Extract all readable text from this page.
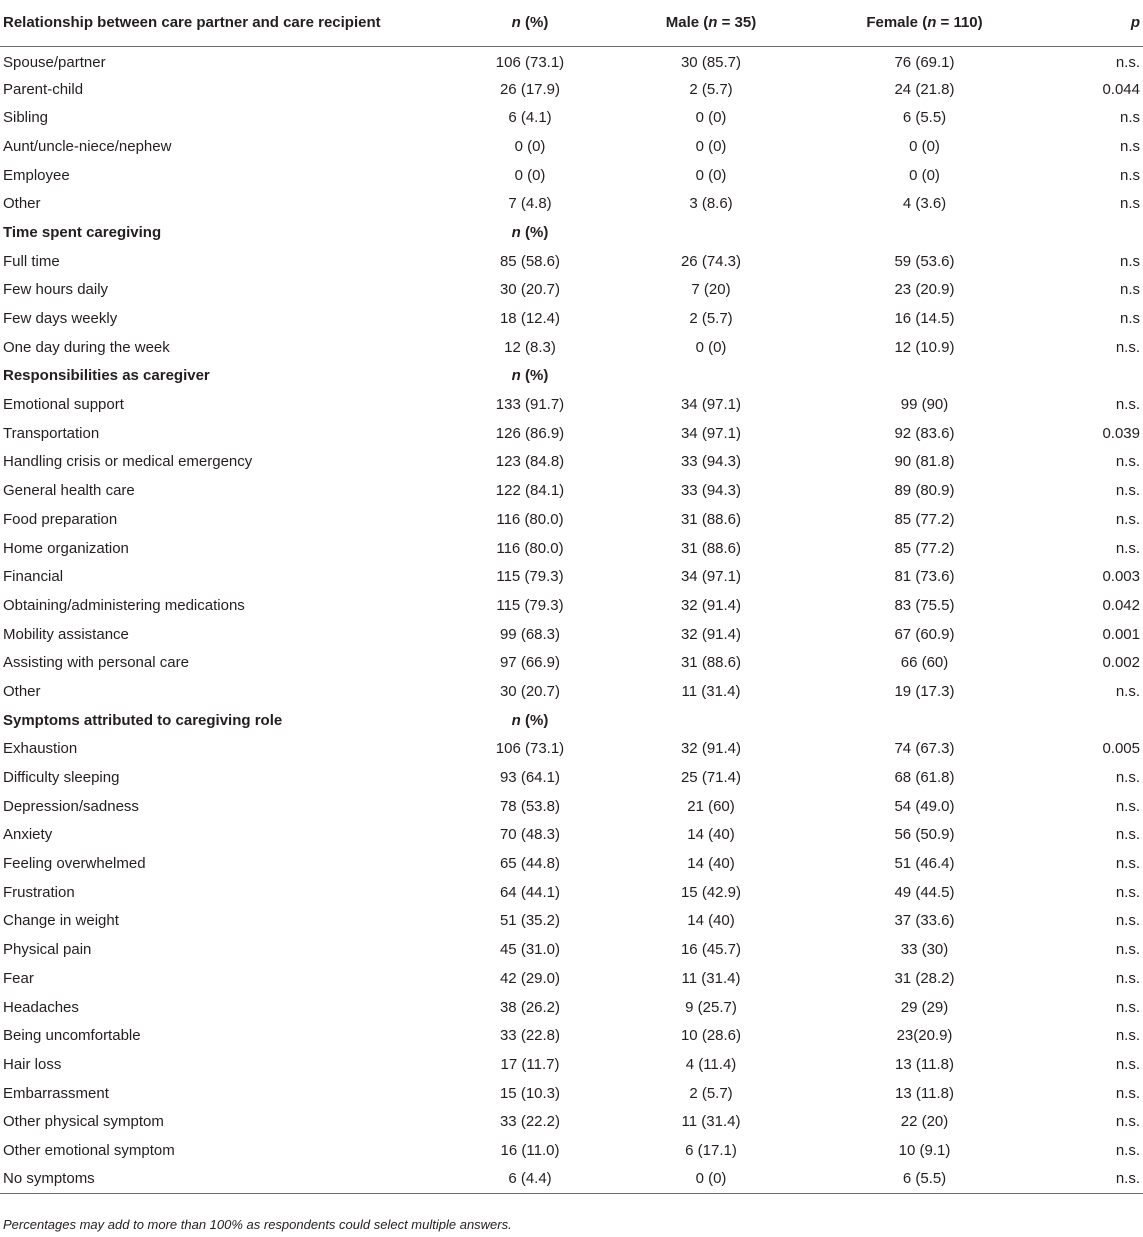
Relationship between care partner and care recipient	n (%)	Male (n = 35)	Female (n = 110)	p
Spouse/partner	106 (73.1)	30 (85.7)	76 (69.1)	n.s.
Parent-child	26 (17.9)	2 (5.7)	24 (21.8)	0.044
Sibling	6 (4.1)	0 (0)	6 (5.5)	n.s
Aunt/uncle-niece/nephew	0 (0)	0 (0)	0 (0)	n.s
Employee	0 (0)	0 (0)	0 (0)	n.s
Other	7 (4.8)	3 (8.6)	4 (3.6)	n.s
Time spent caregiving	n (%)			
Full time	85 (58.6)	26 (74.3)	59 (53.6)	n.s
Few hours daily	30 (20.7)	7 (20)	23 (20.9)	n.s
Few days weekly	18 (12.4)	2 (5.7)	16 (14.5)	n.s
One day during the week	12 (8.3)	0 (0)	12 (10.9)	n.s.
Responsibilities as caregiver	n (%)			
Emotional support	133 (91.7)	34 (97.1)	99 (90)	n.s.
Transportation	126 (86.9)	34 (97.1)	92 (83.6)	0.039
Handling crisis or medical emergency	123 (84.8)	33 (94.3)	90 (81.8)	n.s.
General health care	122 (84.1)	33 (94.3)	89 (80.9)	n.s.
Food preparation	116 (80.0)	31 (88.6)	85 (77.2)	n.s.
Home organization	116 (80.0)	31 (88.6)	85 (77.2)	n.s.
Financial	115 (79.3)	34 (97.1)	81 (73.6)	0.003
Obtaining/administering medications	115 (79.3)	32 (91.4)	83 (75.5)	0.042
Mobility assistance	99 (68.3)	32 (91.4)	67 (60.9)	0.001
Assisting with personal care	97 (66.9)	31 (88.6)	66 (60)	0.002
Other	30 (20.7)	11 (31.4)	19 (17.3)	n.s.
Symptoms attributed to caregiving role	n (%)			
Exhaustion	106 (73.1)	32 (91.4)	74 (67.3)	0.005
Difficulty sleeping	93 (64.1)	25 (71.4)	68 (61.8)	n.s.
Depression/sadness	78 (53.8)	21 (60)	54 (49.0)	n.s.
Anxiety	70 (48.3)	14 (40)	56 (50.9)	n.s.
Feeling overwhelmed	65 (44.8)	14 (40)	51 (46.4)	n.s.
Frustration	64 (44.1)	15 (42.9)	49 (44.5)	n.s.
Change in weight	51 (35.2)	14 (40)	37 (33.6)	n.s.
Physical pain	45 (31.0)	16 (45.7)	33 (30)	n.s.
Fear	42 (29.0)	11 (31.4)	31 (28.2)	n.s.
Headaches	38 (26.2)	9 (25.7)	29 (29)	n.s.
Being uncomfortable	33 (22.8)	10 (28.6)	23(20.9)	n.s.
Hair loss	17 (11.7)	4 (11.4)	13 (11.8)	n.s.
Embarrassment	15 (10.3)	2 (5.7)	13 (11.8)	n.s.
Other physical symptom	33 (22.2)	11 (31.4)	22 (20)	n.s.
Other emotional symptom	16 (11.0)	6 (17.1)	10 (9.1)	n.s.
No symptoms	6 (4.4)	0 (0)	6 (5.5)	n.s.
Percentages may add to more than 100% as respondents could select multiple answers.
